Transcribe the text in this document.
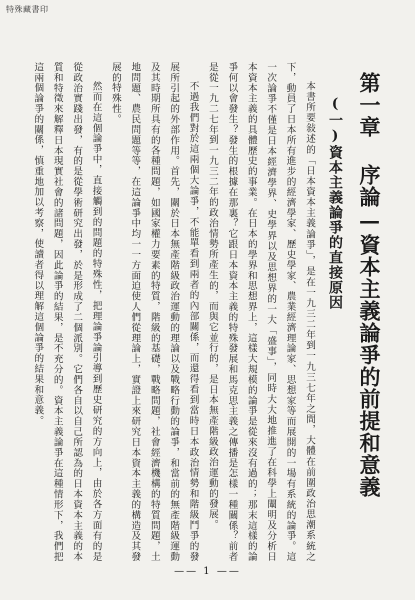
特殊藏書印
第一章 序論—資本主義論爭的前提和意義
(一)資本主義論爭的直接原因

本書所要敍述的「日本資本主義論爭」，是在一九三二年到一九三七年之間，大體在前圍政治思潮系統之下，動員了日本所有進步的經濟學家、歷史學家、農業經濟理論家、思想家等而展開的一場有系統的論爭。這一次論爭不僅是日本經濟學界、史學界以及思想界的一大「盛事」，同時大大地推進了在科學上闡明及分析日本資本主義的具體歷史的事業。在日本的學界和思想界上，這樣大規模的論爭是從來沒有過的；那末這樣的論爭何以會發生？發生的根據在那裏？它跟日本資本主義的特殊發展和馬克思主義之傳播是怎樣一種關係？前者是從一九二七年到一九三二年的政治情勢所產生的，而與它並行的，是日本無產階級政治運動的發展。

不過我們對於這兩個大論爭，不能單看到兩者的內部關係，而還得看到當時日本政治情勢和階級鬥爭的發展所引起的外部作用。首先，關於日本無產階級政治運動的理論以及戰略行動的論爭，和當前的無產階級運動及其時期所具有的各種問題，如國家權力要素的特質，階級的基礎，戰略問題，社會經濟機構的特質問題，土地問題、農民問題等等，在這論爭中均一一方面迫使人們從理論上，實證上來研究日本資本主義的構造及其發展的特殊性。

然而在這個論爭中，直接觸到的問題的特殊性，把理論爭論引導到歷史研究的方向上，由於各方面有的是從政治實踐出發，有的是從學術研究出發，於是形成了二個派別。它們各自以自己所認為的日本資本主義的本質和特徵來解釋日本現實社會的諸問題，因此論爭的結果，是不充分的。資本主義論爭在這種情形下，我們把這兩個論爭的關係，慎重地加以考察，使讀者得以理解這個論爭的結果和意義。

—— 1 ——
